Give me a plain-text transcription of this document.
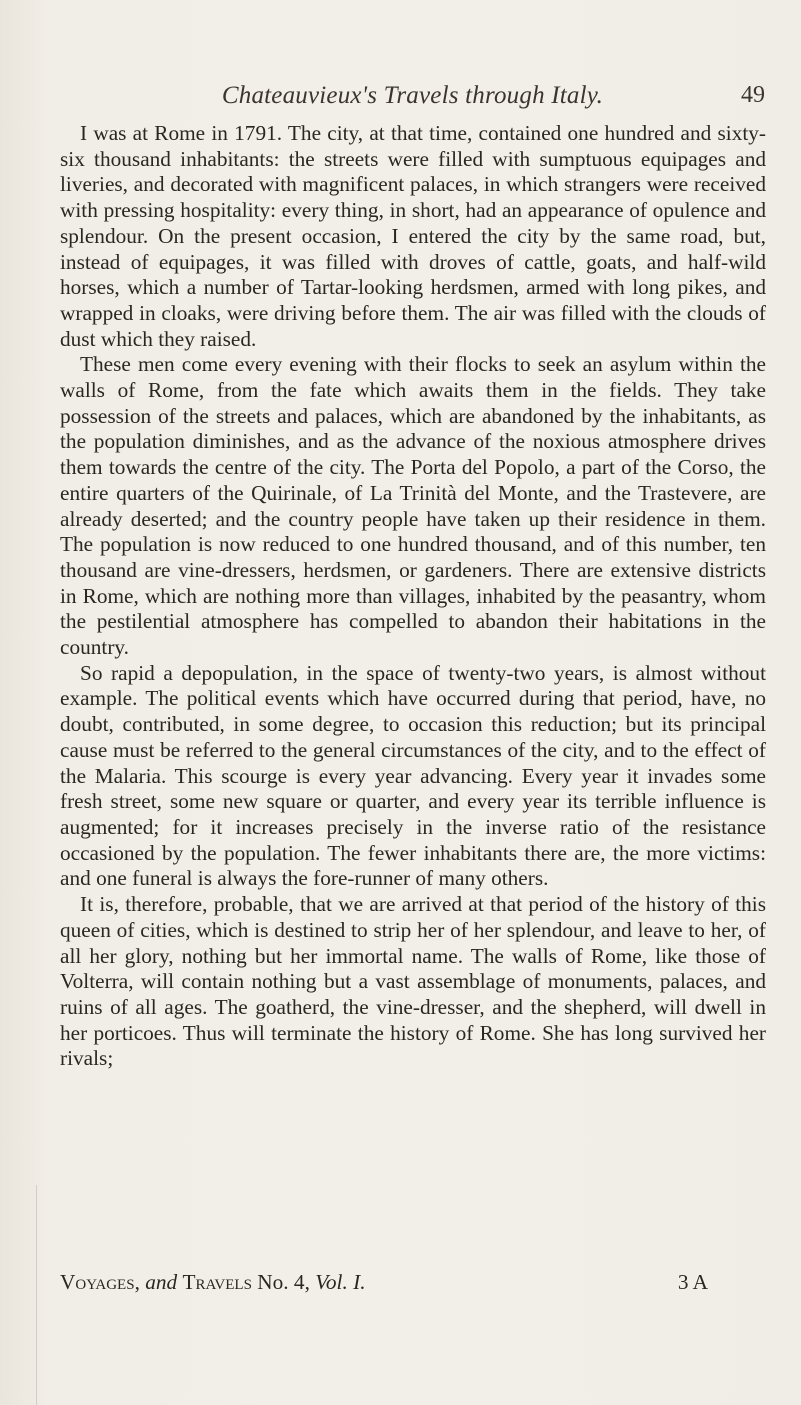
Chateauvieux's Travels through Italy.	49

I was at Rome in 1791. The city, at that time, contained one hundred and sixty-six thousand inhabitants: the streets were filled with sumptuous equipages and liveries, and decorated with magnificent palaces, in which strangers were received with pressing hospitality: every thing, in short, had an appearance of opulence and splendour. On the present occasion, I entered the city by the same road, but, instead of equipages, it was filled with droves of cattle, goats, and half-wild horses, which a number of Tartar-looking herdsmen, armed with long pikes, and wrapped in cloaks, were driving before them. The air was filled with the clouds of dust which they raised.

These men come every evening with their flocks to seek an asylum within the walls of Rome, from the fate which awaits them in the fields. They take possession of the streets and palaces, which are abandoned by the inhabitants, as the population diminishes, and as the advance of the noxious atmosphere drives them towards the centre of the city. The Porta del Popolo, a part of the Corso, the entire quarters of the Quirinale, of La Trinità del Monte, and the Trastevere, are already deserted; and the country people have taken up their residence in them. The population is now reduced to one hundred thousand, and of this number, ten thousand are vine-dressers, herdsmen, or gardeners. There are extensive districts in Rome, which are nothing more than villages, inhabited by the peasantry, whom the pestilential atmosphere has compelled to abandon their habitations in the country.

So rapid a depopulation, in the space of twenty-two years, is almost without example. The political events which have occurred during that period, have, no doubt, contributed, in some degree, to occasion this reduction; but its principal cause must be referred to the general circumstances of the city, and to the effect of the Malaria. This scourge is every year advancing. Every year it invades some fresh street, some new square or quarter, and every year its terrible influence is augmented; for it increases precisely in the inverse ratio of the resistance occasioned by the population. The fewer inhabitants there are, the more victims: and one funeral is always the fore-runner of many others.

It is, therefore, probable, that we are arrived at that period of the history of this queen of cities, which is destined to strip her of her splendour, and leave to her, of all her glory, nothing but her immortal name. The walls of Rome, like those of Volterra, will contain nothing but a vast assemblage of monuments, palaces, and ruins of all ages. The goatherd, the vine-dresser, and the shepherd, will dwell in her porticoes. Thus will terminate the history of Rome. She has long survived her rivals;

Voyages, and Travels No. 4, Vol. I.	3 A
